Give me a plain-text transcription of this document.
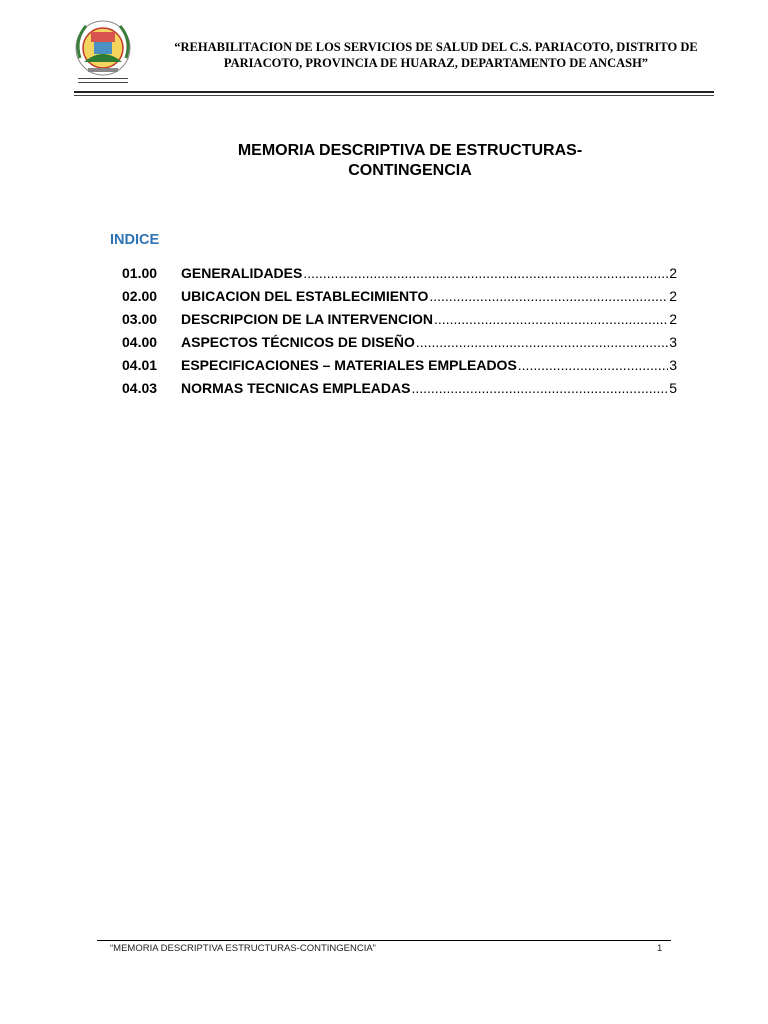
“REHABILITACION DE LOS SERVICIOS DE SALUD DEL C.S. PARIACOTO, DISTRITO DE PARIACOTO, PROVINCIA DE HUARAZ, DEPARTAMENTO DE ANCASH”
MEMORIA DESCRIPTIVA DE ESTRUCTURAS-
CONTINGENCIA
INDICE
01.00	GENERALIDADES .....	2
02.00	UBICACION DEL ESTABLECIMIENTO .....	2
03.00	DESCRIPCION DE LA INTERVENCION .....	2
04.00	ASPECTOS TÉCNICOS DE DISEÑO .....	3
04.01	ESPECIFICACIONES – MATERIALES EMPLEADOS .....	3
04.03	NORMAS TECNICAS EMPLEADAS .....	5
“MEMORIA DESCRIPTIVA ESTRUCTURAS-CONTINGENCIA”	1
